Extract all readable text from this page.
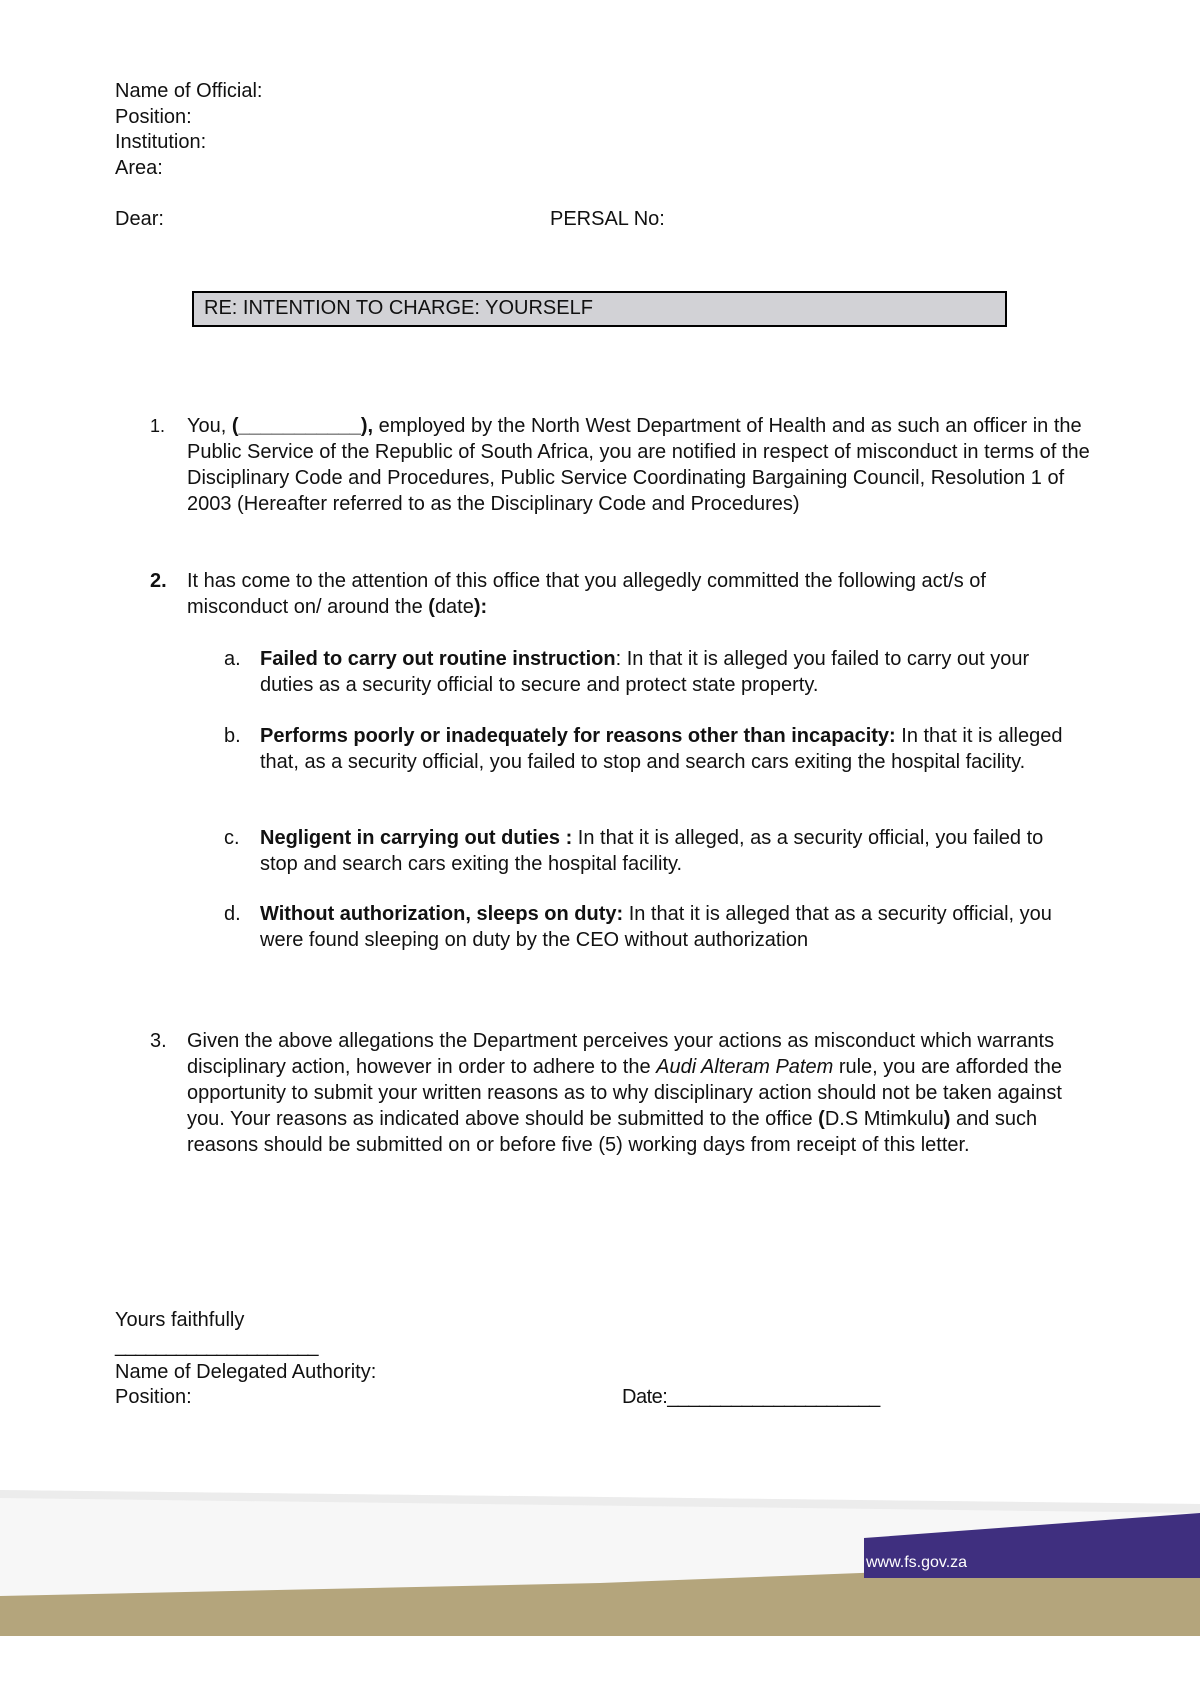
Name of Official:
Position:
Institution:
Area:
Dear:	PERSAL No:
RE: INTENTION TO CHARGE: YOURSELF
1.	You, (___________), employed by the North West Department of Health and as such an officer in the Public Service of the Republic of South Africa, you are notified in respect of misconduct in terms of the Disciplinary Code and Procedures, Public Service Coordinating Bargaining Council, Resolution 1 of 2003 (Hereafter referred to as the Disciplinary Code and Procedures)
2.	It has come to the attention of this office that you allegedly committed the following act/s of misconduct on/ around the (date):
a. Failed to carry out routine instruction: In that it is alleged you failed to carry out your duties as a security official to secure and protect state property.
b. Performs poorly or inadequately for reasons other than incapacity: In that it is alleged that, as a security official, you failed to stop and search cars exiting the hospital facility.
c.	Negligent in carrying out duties : In that it is alleged, as a security official, you failed to stop and search cars exiting the hospital facility.
d. Without authorization, sleeps on duty: In that it is alleged that as a security official, you were found sleeping on duty by the CEO without authorization
3.	Given the above allegations the Department perceives your actions as misconduct which warrants disciplinary action, however in order to adhere to the Audi Alteram Patem rule, you are afforded the opportunity to submit your written reasons as to why disciplinary action should not be taken against you. Your reasons as indicated above should be submitted to the office (D.S Mtimkulu) and such reasons should be submitted on or before five (5) working days from receipt of this letter.
Yours faithfully
____________________
Name of Delegated Authority:
Position:	Date:____________________
www.fs.gov.za
